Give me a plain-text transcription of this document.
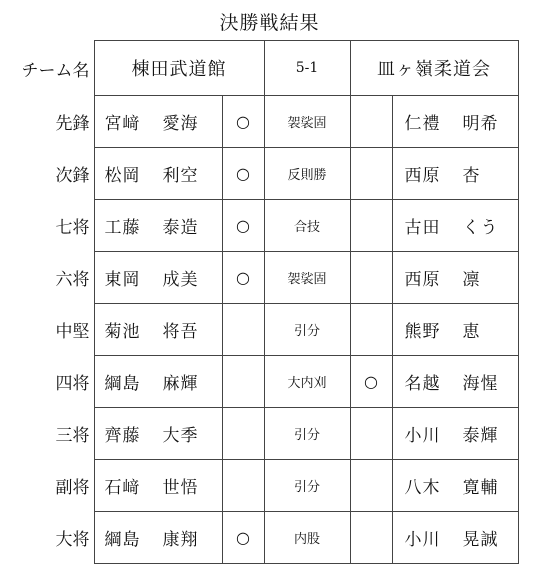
決勝戦結果
チーム名	棟田武道館		5-1	皿ヶ嶺柔道会	
先鋒	宮﨑 愛海	○	袈裟固		仁禮 明希
次鋒	松岡 利空	○	反則勝		西原 杏
七将	工藤 泰造	○	合技		古田 くう
六将	東岡 成美	○	袈裟固		西原 凛
中堅	菊池 将吾		引分		熊野 恵
四将	綱島 麻輝		大内刈	○	名越 海惺
三将	齊藤 大季		引分		小川 泰輝
副将	石﨑 世悟		引分		八木 寛輔
大将	綱島 康翔	○	内股		小川 晃誠
